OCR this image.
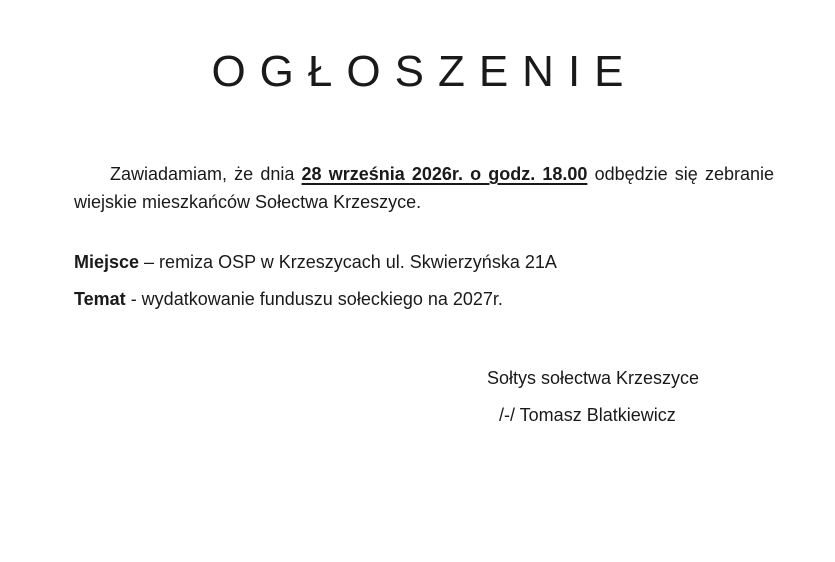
OGŁOSZENIE
Zawiadamiam, że dnia 28 września 2026r. o godz. 18.00 odbędzie się zebranie wiejskie mieszkańców Sołectwa Krzeszyce.
Miejsce – remiza OSP w Krzeszycach ul. Skwierzyńska 21A
Temat - wydatkowanie funduszu sołeckiego na 2027r.
Sołtys sołectwa Krzeszyce
/-/ Tomasz Blatkiewicz
